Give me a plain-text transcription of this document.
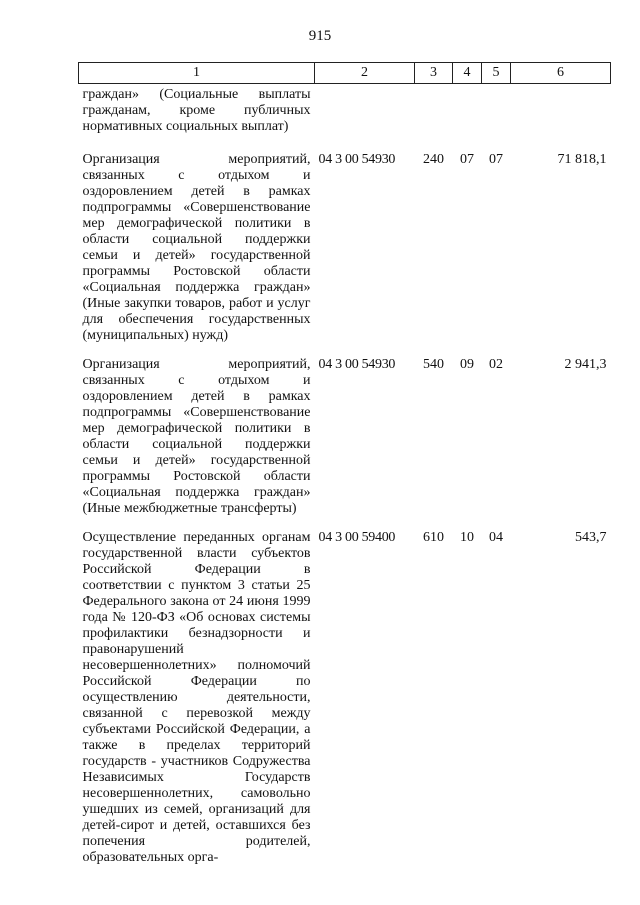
915
1	2	3	4	5	6
граждан» (Социальные выплаты гражданам, кроме публичных нормативных социальных выплат)					
Организация мероприятий, связанных с отдыхом и оздоровлением детей в рамках подпрограммы «Совершенствование мер демографической политики в области социальной поддержки семьи и детей» государственной программы Ростовской области «Социальная поддержка граждан» (Иные закупки товаров, работ и услуг для обеспечения государственных (муниципальных) нужд)	04 3 00 54930	240	07	07	71 818,1
Организация мероприятий, связанных с отдыхом и оздоровлением детей в рамках подпрограммы «Совершенствование мер демографической политики в области социальной поддержки семьи и детей» государственной программы Ростовской области «Социальная поддержка граждан» (Иные межбюджетные трансферты)	04 3 00 54930	540	09	02	2 941,3
Осуществление переданных органам государственной власти субъектов Российской Федерации в соответствии с пунктом 3 статьи 25 Федерального закона от 24 июня 1999 года № 120-ФЗ «Об основах системы профилактики безнадзорности и правонарушений несовершеннолетних» полномочий Российской Федерации по осуществлению деятельности, связанной с перевозкой между субъектами Российской Федерации, а также в пределах территорий государств - участников Содружества Независимых Государств несовершеннолетних, самовольно ушедших из семей, организаций для детей-сирот и детей, оставшихся без попечения родителей, образовательных орга-	04 3 00 59400	610	10	04	543,7
